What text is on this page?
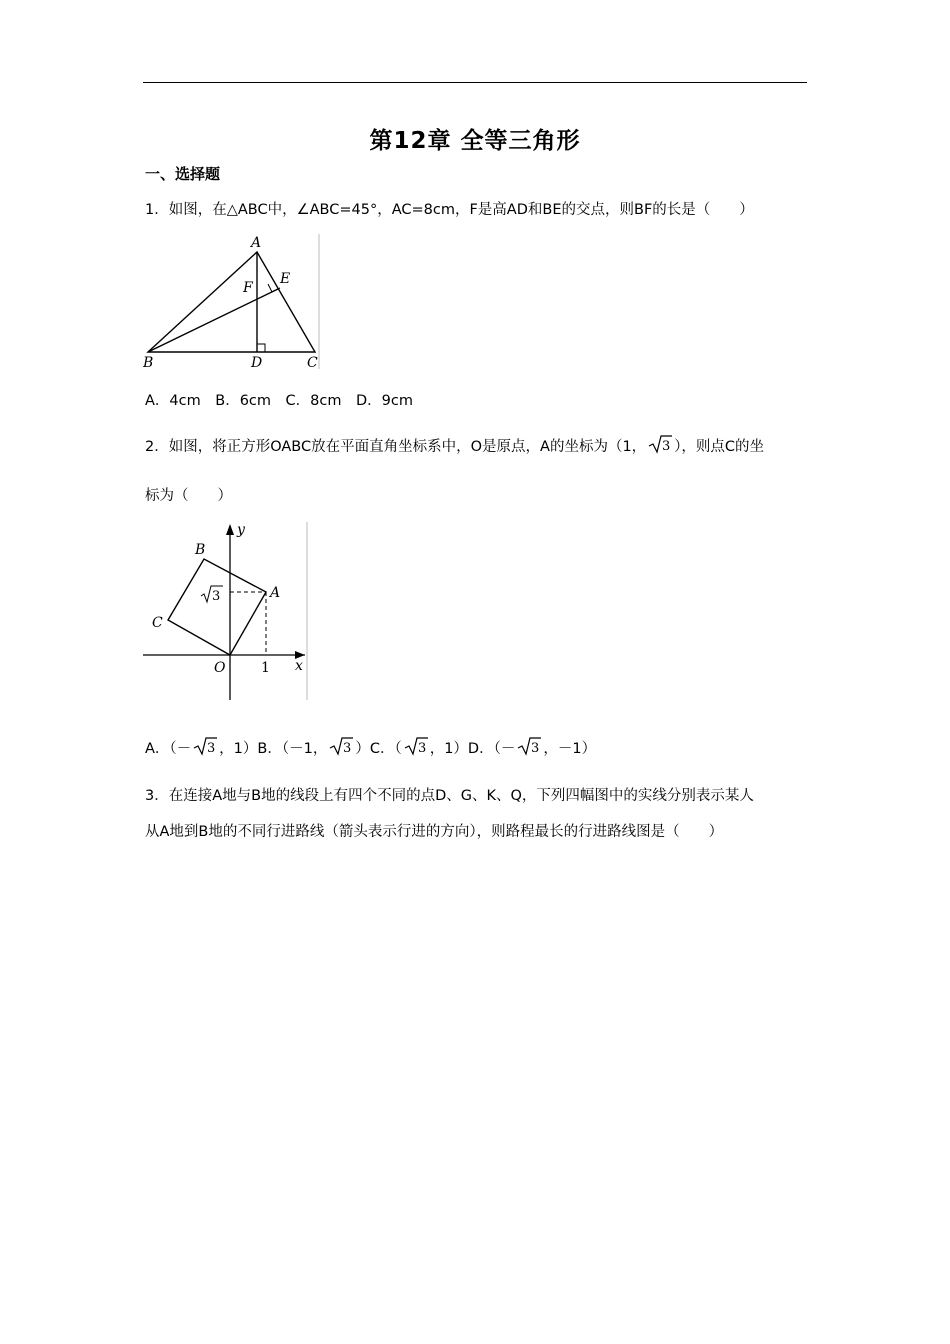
第12章 全等三角形
一、选择题
1．如图，在△ABC中，∠ABC=45°，AC=8cm，F是高AD和BE的交点，则BF的长是（　　）
A
B	C
D
E
F
A．4cm　B．6cm　C．8cm　D．9cm
2．如图，将正方形OABC放在平面直角坐标系中，O是原点，A的坐标为（1， 3 ），则点C的坐
标为（　　）
B
A
C
O	x
y
1
3
A．（－ 3 ，1）B．（－1， 3 ）C．（ 3 ，1）D．（－ 3 ，－1）
3．在连接A地与B地的线段上有四个不同的点D、G、K、Q，下列四幅图中的实线分别表示某人
从A地到B地的不同行进路线（箭头表示行进的方向），则路程最长的行进路线图是（　　）
